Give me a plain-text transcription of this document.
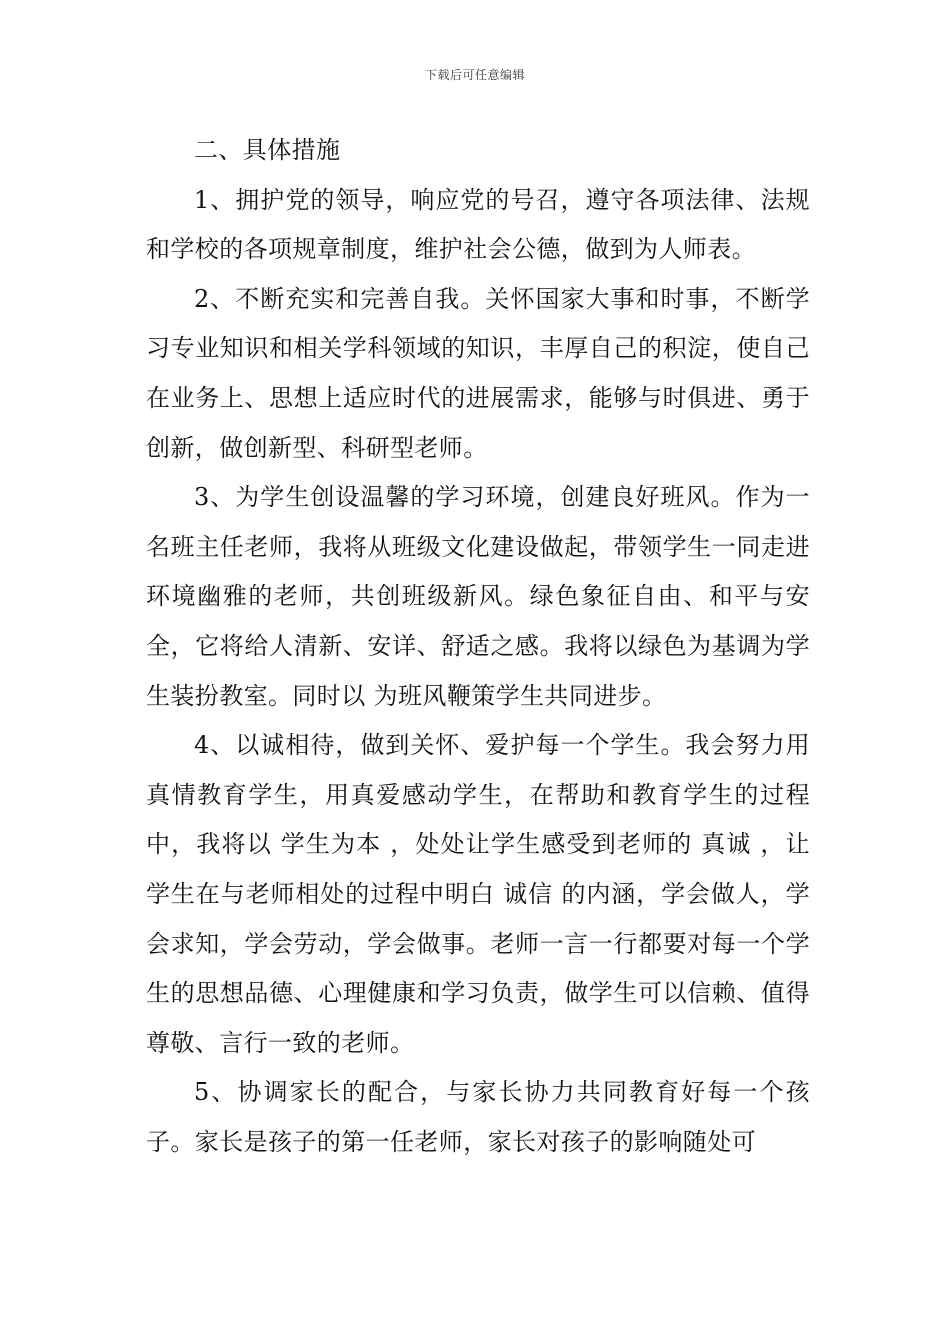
下载后可任意编辑

二、具体措施

1、拥护党的领导，响应党的号召，遵守各项法律、法规和学校的各项规章制度，维护社会公德，做到为人师表。

2、不断充实和完善自我。关怀国家大事和时事，不断学习专业知识和相关学科领域的知识，丰厚自己的积淀，使自己在业务上、思想上适应时代的进展需求，能够与时俱进、勇于创新，做创新型、科研型老师。

3、为学生创设温馨的学习环境，创建良好班风。作为一名班主任老师，我将从班级文化建设做起，带领学生一同走进环境幽雅的老师，共创班级新风。绿色象征自由、和平与安全，它将给人清新、安详、舒适之感。我将以绿色为基调为学生装扮教室。同时以 为班风鞭策学生共同进步。

4、以诚相待，做到关怀、爱护每一个学生。我会努力用真情教育学生，用真爱感动学生，在帮助和教育学生的过程中，我将以 学生为本 ，处处让学生感受到老师的 真诚 ，让学生在与老师相处的过程中明白 诚信 的内涵，学会做人，学会求知，学会劳动，学会做事。老师一言一行都要对每一个学生的思想品德、心理健康和学习负责，做学生可以信赖、值得尊敬、言行一致的老师。

5、协调家长的配合，与家长协力共同教育好每一个孩子。家长是孩子的第一任老师，家长对孩子的影响随处可
